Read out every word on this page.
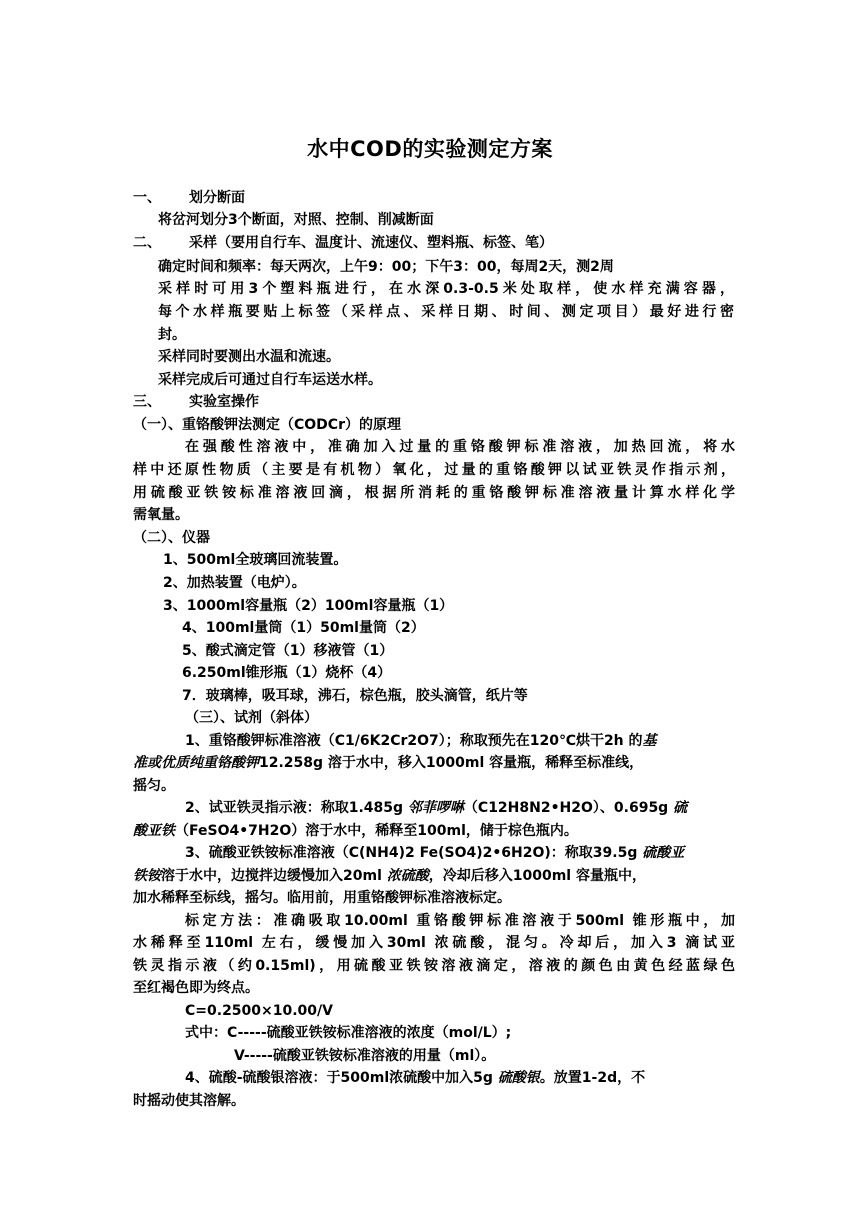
水中COD的实验测定方案
一、 划分断面
将岔河划分3个断面，对照、控制、削减断面
二、 采样（要用自行车、温度计、流速仪、塑料瓶、标签、笔）
确定时间和频率：每天两次，上午9：00；下午3：00，每周2天，测2周
采样时可用3个塑料瓶进行，在水深0.3-0.5米处取样，使水样充满容器，
每个水样瓶要贴上标签（采样点、采样日期、时间、测定项目）最好进行密
封。
采样同时要测出水温和流速。
采样完成后可通过自行车运送水样。
三、 实验室操作
（一）、重铬酸钾法测定（CODCr）的原理
在强酸性溶液中，准确加入过量的重铬酸钾标准溶液，加热回流，将水
样中还原性物质（主要是有机物）氧化，过量的重铬酸钾以试亚铁灵作指示剂，
用硫酸亚铁铵标准溶液回滴，根据所消耗的重铬酸钾标准溶液量计算水样化学
需氧量。
（二）、仪器
1、500ml全玻璃回流装置。
2、加热装置（电炉）。
3、1000ml容量瓶（2）100ml容量瓶（1）
4、100ml量筒（1）50ml量筒（2）
5、酸式滴定管（1）移液管（1）
6.250ml锥形瓶（1）烧杯（4）
7．玻璃棒，吸耳球，沸石，棕色瓶，胶头滴管，纸片等
（三）、试剂（斜体）
1、重铬酸钾标准溶液（C1/6K2Cr2O7）；称取预先在120℃烘干2h 的基
准或优质纯重铬酸钾12.258g 溶于水中，移入1000ml 容量瓶，稀释至标准线，
摇匀。
2、试亚铁灵指示液：称取1.485g 邻菲啰啉（C12H8N2•H2O）、0.695g 硫
酸亚铁（FeSO4•7H2O）溶于水中，稀释至100ml，储于棕色瓶内。
3、硫酸亚铁铵标准溶液（C(NH4)2 Fe(SO4)2•6H2O)：称取39.5g 硫酸亚
铁铵溶于水中，边搅拌边缓慢加入20ml 浓硫酸，冷却后移入1000ml 容量瓶中，
加水稀释至标线，摇匀。临用前，用重铬酸钾标准溶液标定。
标定方法：准确吸取10.00ml 重铬酸钾标准溶液于500ml 锥形瓶中，加
水稀释至110ml 左右，缓慢加入30ml 浓硫酸，混匀。冷却后，加入3 滴试亚
铁灵指示液（约0.15ml)，用硫酸亚铁铵溶液滴定，溶液的颜色由黄色经蓝绿色
至红褐色即为终点。
C=0.2500×10.00/V
式中：C-----硫酸亚铁铵标准溶液的浓度（mol/L）;
V-----硫酸亚铁铵标准溶液的用量（ml）。
4、硫酸-硫酸银溶液：于500ml浓硫酸中加入5g 硫酸银。放置1-2d，不
时摇动使其溶解。
